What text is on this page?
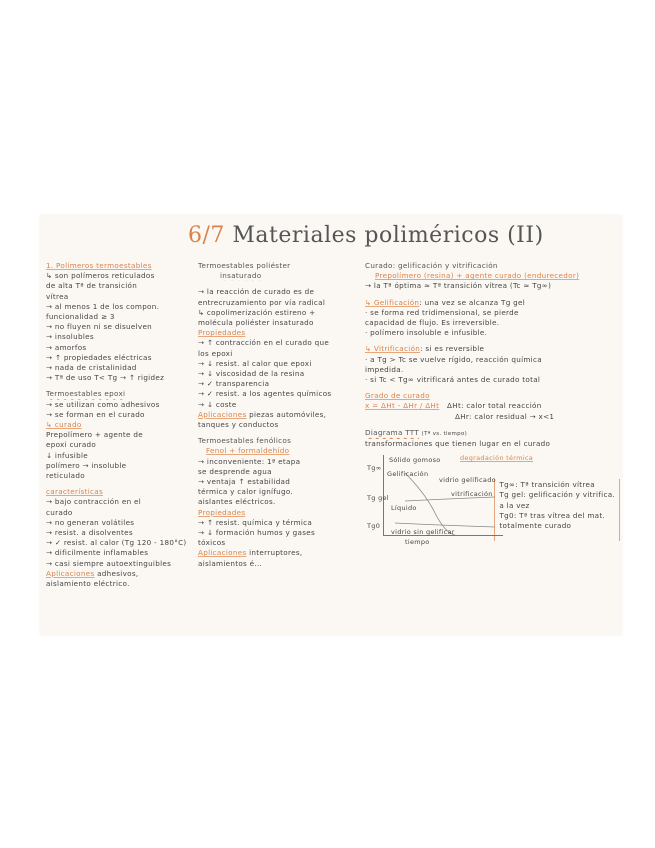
6/7 Materiales poliméricos (II)
1. Polímeros termoestables
↳ son polímeros reticulados
de alta Tª de transición
vítrea
→ al menos 1 de los compon.
funcionalidad ≥ 3
→ no fluyen ni se disuelven
→ insolubles
→ amorfos
→ ↑ propiedades eléctricas
→ nada de cristalinidad
→ Tª de uso T< Tg → ↑ rigidez
Termoestables epoxi
→ se utilizan como adhesivos
→ se forman en el curado
↳ curado
Prepolímero + agente de
epoxi curado
↓ infusible
polímero → insoluble
reticulado
características
→ bajo contracción en el
curado
→ no generan volátiles
→ resist. a disolventes
→ ✓ resist. al calor (Tg 120 - 180°C)
→ dificilmente inflamables
→ casi siempre autoextinguibles
Aplicaciones adhesivos,
aislamiento eléctrico.
Termoestables poliéster
insaturado
→ la reacción de curado es de
entrecruzamiento por vía radical
↳ copolimerización estireno +
molécula poliéster insaturado
Propiedades
→ ↑ contracción en el curado que
los epoxi
→ ↓ resist. al calor que epoxi
→ ↓ viscosidad de la resina
→ ✓ transparencia
→ ✓ resist. a los agentes químicos
→ ↓ coste
Aplicaciones piezas automóviles,
tanques y conductos
Termoestables fenólicos
Fenol + formaldehído
→ inconveniente: 1ª etapa
se desprende agua
→ ventaja ↑ estabilidad
térmica y calor ignífugo.
aislantes eléctricos.
Propiedades
→ ↑ resist. química y térmica
→ ↓ formación humos y gases
tóxicos
Aplicaciones interruptores,
aislamientos é...
Curado: gelificación y vitrificación
Prepolímero (resina) + agente curado (endurecedor)
→ la Tª óptima ≈ Tª transición vítrea (Tc ≈ Tg∞)
↳ Gelificación: una vez se alcanza Tg gel
· se forma red tridimensional, se pierde
capacidad de flujo. Es irreversible.
· polímero insoluble e infusible.
↳ Vitrificación: si es reversible
· a Tg > Tc se vuelve rígido, reacción química
impedida.
· si Tc < Tg∞ vitrificará antes de curado total
Grado de curado
x = ΔHt - ΔHr / ΔHt ΔHt: calor total reacción
ΔHr: calor residual → x<1
Diagrama TTT (Tª vs. tiempo)
transformaciones que tienen lugar en el curado
Tg∞
Tg gel
Tg0
Sólido gomoso	degradación térmica
Gelificación
vidrio gelificado
vitrificación
Líquido
vidrio sin gelificar
tiempo
Tg∞: Tª transición vítrea
Tg gel: gelificación y vitrifica.
a la vez
Tg0: Tª tras vítrea del mat.
totalmente curado
